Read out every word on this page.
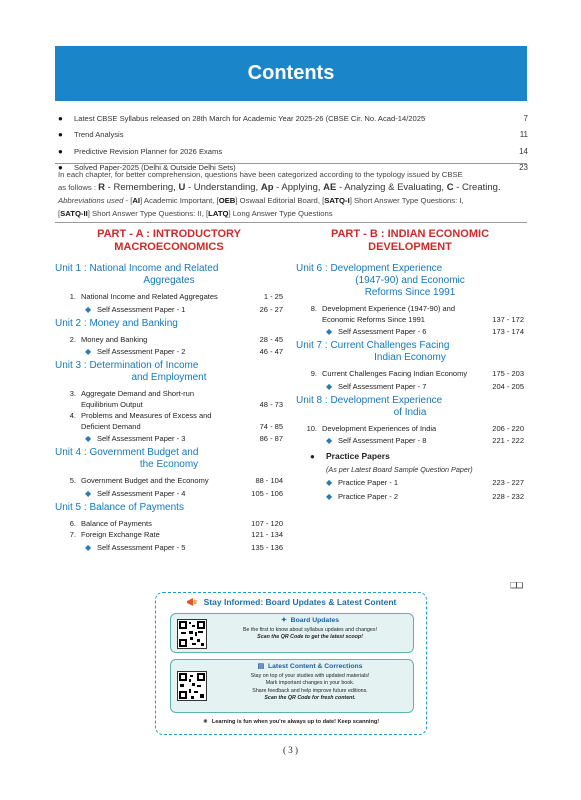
Contents
●	Latest CBSE Syllabus released on 28th March for Academic Year 2025-26 (CBSE Cir. No. Acad-14/2025	7
●	Trend Analysis	11
●	Predictive Revision Planner for 2026 Exams	14
●	Solved Paper-2025 (Delhi & Outside Delhi Sets)	23
In each chapter, for better comprehension, questions have been categorized according to the typology issued by CBSE
as follows : R - Remembering, U - Understanding, Ap - Applying, AE - Analyzing & Evaluating, C - Creating.
Abbreviations used - [AI] Academic Important, [OEB] Oswaal Editorial Board, [SATQ-I] Short Answer Type Questions: I,
[SATQ-II] Short Answer Type Questions: II, [LATQ] Long Answer Type Questions
PART - A : INTRODUCTORY
MACROECONOMICS
Unit 1 : National Income and Related
Aggregates
1. National Income and Related Aggregates	1 - 25
◆ Self Assessment Paper - 1	26 - 27
Unit 2 : Money and Banking
2. Money and Banking	28 - 45
◆ Self Assessment Paper - 2	46 - 47
Unit 3 : Determination of Income
and Employment
3. Aggregate Demand and Short-run Equilibrium Output	48 - 73
4. Problems and Measures of Excess and Deficient Demand	74 - 85
◆ Self Assessment Paper - 3	86 - 87
Unit 4 : Government Budget and
the Economy
5. Government Budget and the Economy	88 - 104
◆ Self Assessment Paper - 4	105 - 106
Unit 5 : Balance of Payments
6. Balance of Payments	107 - 120
7. Foreign Exchange Rate	121 - 134
◆ Self Assessment Paper - 5	135 - 136
PART - B : INDIAN ECONOMIC
DEVELOPMENT
Unit 6 : Development Experience
(1947-90) and Economic
Reforms Since 1991
8. Development Experience (1947-90) and Economic Reforms Since 1991	137 - 172
◆ Self Assessment Paper - 6	173 - 174
Unit 7 : Current Challenges Facing
Indian Economy
9. Current Challenges Facing Indian Economy	175 - 203
◆ Self Assessment Paper - 7	204 - 205
Unit 8 : Development Experience
of India
10. Development Experiences of India	206 - 220
◆ Self Assessment Paper - 8	221 - 222
●	Practice Papers
(As per Latest Board Sample Question Paper)
◆ Practice Paper - 1	223 - 227
◆ Practice Paper - 2	228 - 232
❑❑
Stay Informed: Board Updates & Latest Content
✦ Board Updates
Be the first to know about syllabus updates and changes!
Scan the QR Code to get the latest scoop!
▤ Latest Content & Corrections
Stay on top of your studies with updated materials!
Mark important changes in your book.
Share feedback and help improve future editions.
Scan the QR Code for fresh content.
☀ Learning is fun when you're always up to date! Keep scanning!
( 3 )
